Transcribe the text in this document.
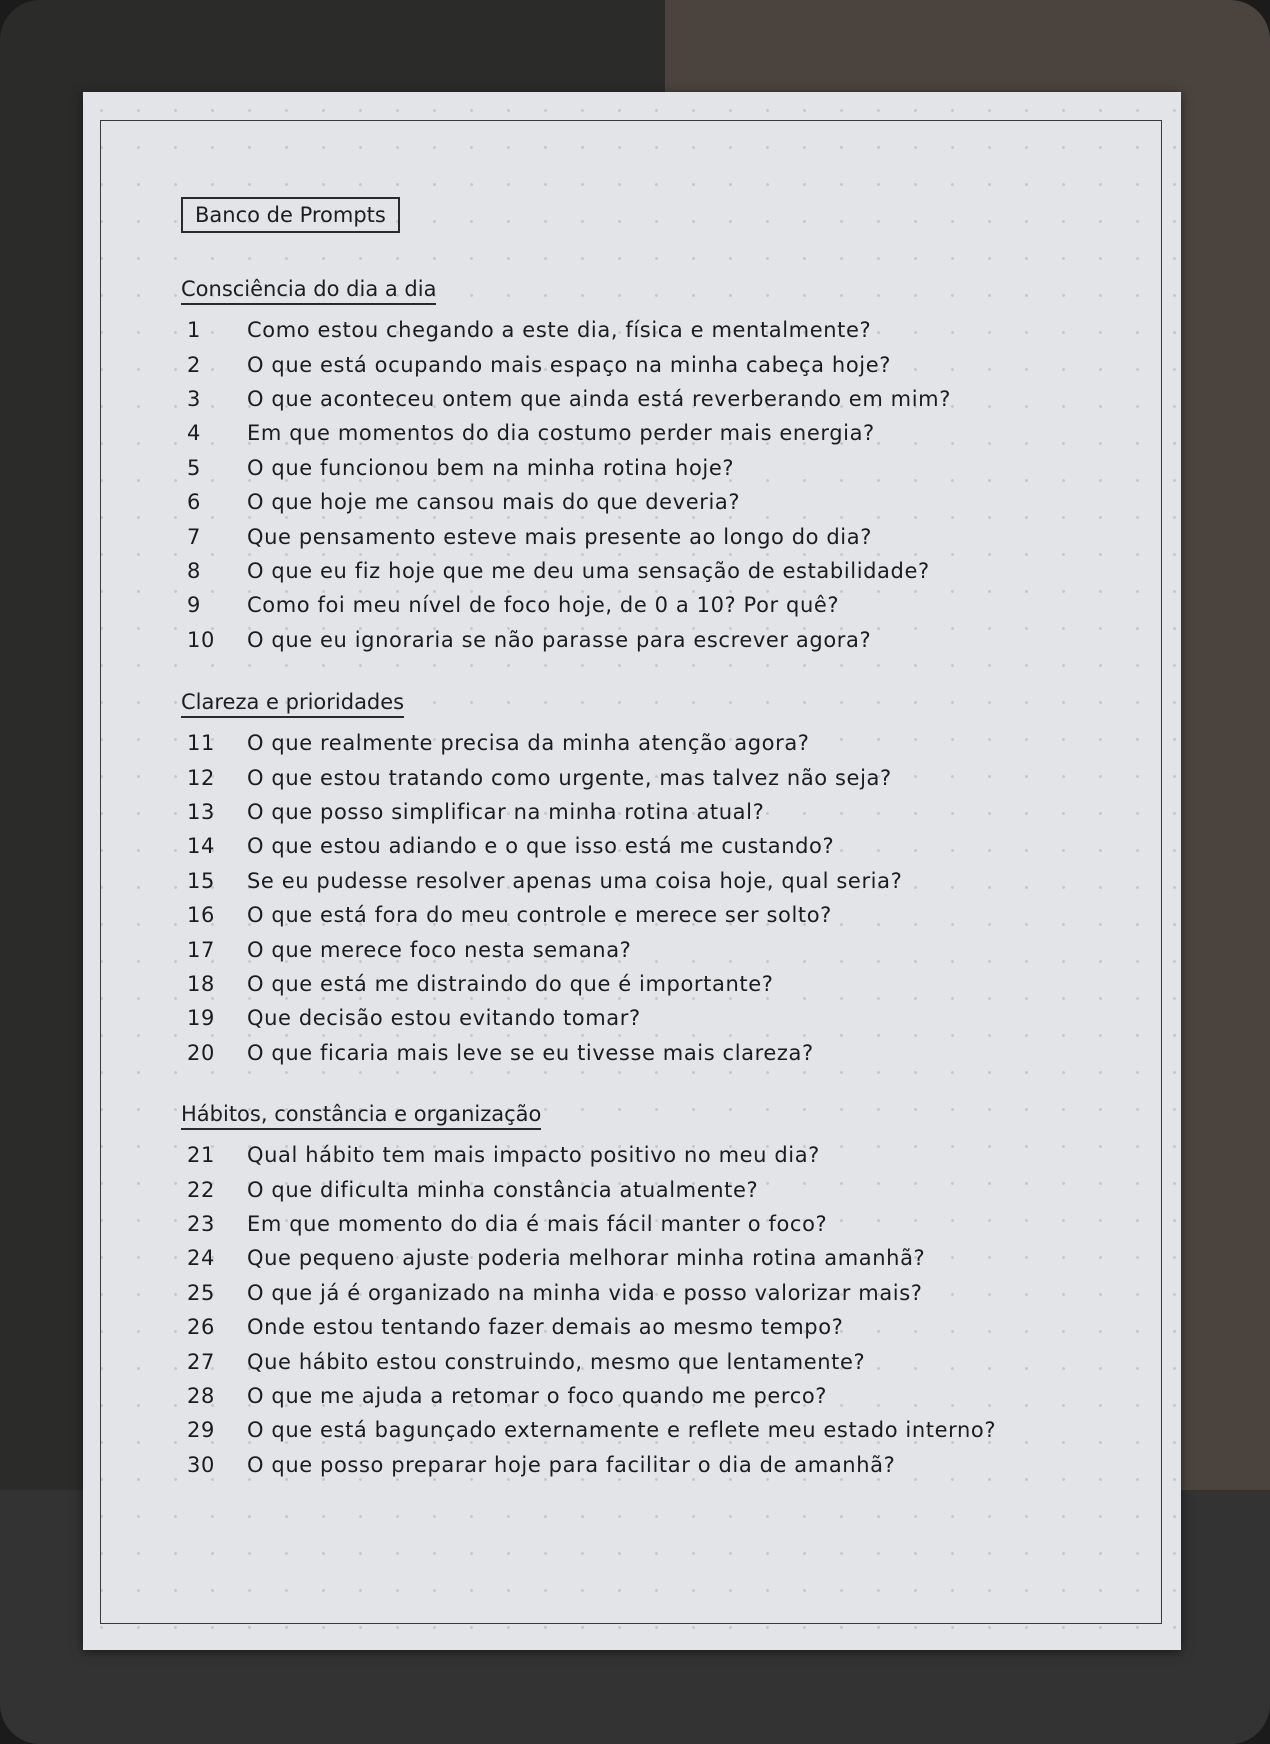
Banco de Prompts
Consciência do dia a dia
1	Como estou chegando a este dia, física e mentalmente?
2	O que está ocupando mais espaço na minha cabeça hoje?
3	O que aconteceu ontem que ainda está reverberando em mim?
4	Em que momentos do dia costumo perder mais energia?
5	O que funcionou bem na minha rotina hoje?
6	O que hoje me cansou mais do que deveria?
7	Que pensamento esteve mais presente ao longo do dia?
8	O que eu fiz hoje que me deu uma sensação de estabilidade?
9	Como foi meu nível de foco hoje, de 0 a 10? Por quê?
10	O que eu ignoraria se não parasse para escrever agora?
Clareza e prioridades
11	O que realmente precisa da minha atenção agora?
12	O que estou tratando como urgente, mas talvez não seja?
13	O que posso simplificar na minha rotina atual?
14	O que estou adiando e o que isso está me custando?
15	Se eu pudesse resolver apenas uma coisa hoje, qual seria?
16	O que está fora do meu controle e merece ser solto?
17	O que merece foco nesta semana?
18	O que está me distraindo do que é importante?
19	Que decisão estou evitando tomar?
20	O que ficaria mais leve se eu tivesse mais clareza?
Hábitos, constância e organização
21	Qual hábito tem mais impacto positivo no meu dia?
22	O que dificulta minha constância atualmente?
23	Em que momento do dia é mais fácil manter o foco?
24	Que pequeno ajuste poderia melhorar minha rotina amanhã?
25	O que já é organizado na minha vida e posso valorizar mais?
26	Onde estou tentando fazer demais ao mesmo tempo?
27	Que hábito estou construindo, mesmo que lentamente?
28	O que me ajuda a retomar o foco quando me perco?
29	O que está bagunçado externamente e reflete meu estado interno?
30	O que posso preparar hoje para facilitar o dia de amanhã?
